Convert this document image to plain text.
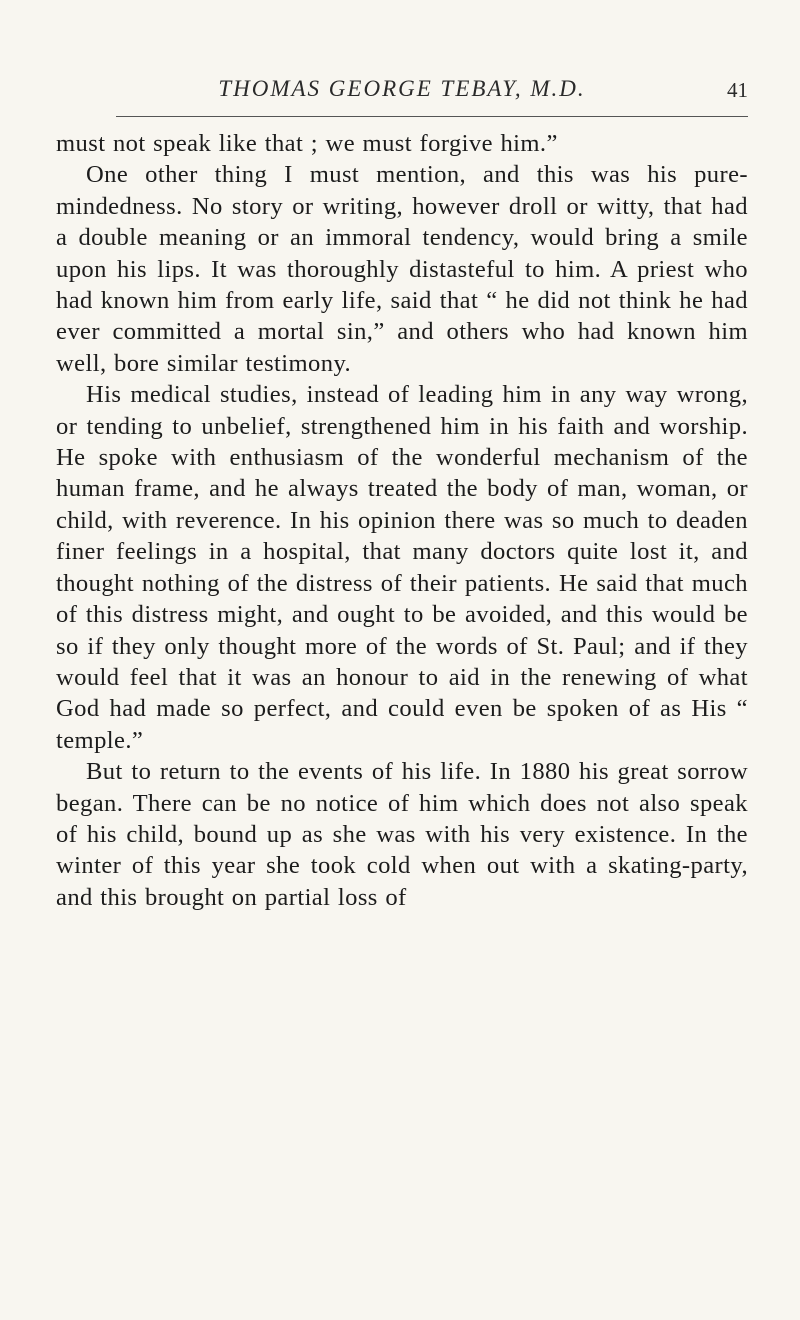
THOMAS GEORGE TEBAY, M.D.	41

must not speak like that ; we must forgive him.”

One other thing I must mention, and this was his pure-mindedness. No story or writing, however droll or witty, that had a double meaning or an immoral tendency, would bring a smile upon his lips. It was thoroughly distasteful to him. A priest who had known him from early life, said that “ he did not think he had ever committed a mortal sin,” and others who had known him well, bore similar testimony.

His medical studies, instead of leading him in any way wrong, or tending to unbelief, strengthened him in his faith and worship. He spoke with enthusiasm of the wonderful mechanism of the human frame, and he always treated the body of man, woman, or child, with reverence. In his opinion there was so much to deaden finer feelings in a hospital, that many doctors quite lost it, and thought nothing of the distress of their patients. He said that much of this distress might, and ought to be avoided, and this would be so if they only thought more of the words of St. Paul; and if they would feel that it was an honour to aid in the renewing of what God had made so perfect, and could even be spoken of as His “ temple.”

But to return to the events of his life. In 1880 his great sorrow began. There can be no notice of him which does not also speak of his child, bound up as she was with his very existence. In the winter of this year she took cold when out with a skating-party, and this brought on partial loss of
